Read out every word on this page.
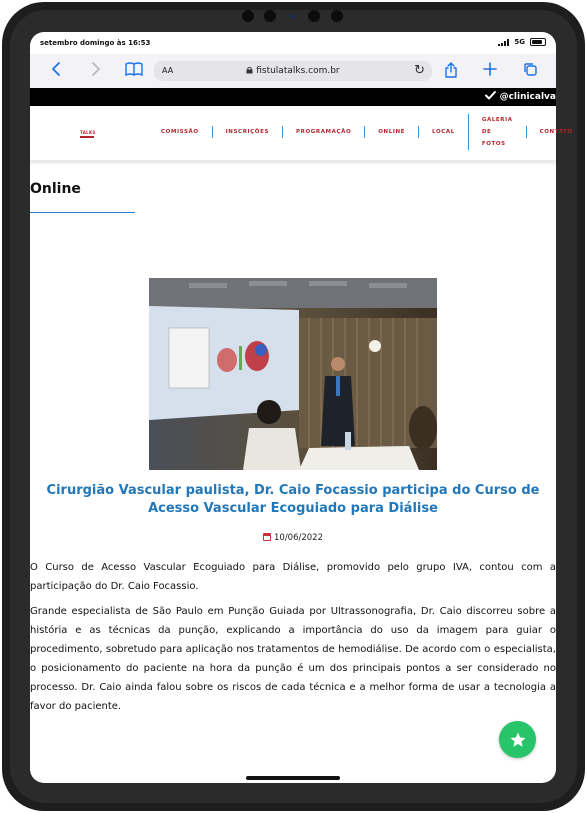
setembro domingo às 16:53	5G
AA	fistulatalks.com.br	↻
@clinicalva
TALKS	COMISSÃO	INSCRIÇÕES	PROGRAMAÇÃO	ONLINE	LOCAL
GALERIA DE FOTOS
CONTATO
Online
Cirurgião Vascular paulista, Dr. Caio Focassio participa do Curso de Acesso Vascular Ecoguiado para Diálise
10/06/2022

O Curso de Acesso Vascular Ecoguiado para Diálise, promovido pelo grupo IVA, contou com a participação do Dr. Caio Focassio.

Grande especialista de São Paulo em Punção Guiada por Ultrassonografia, Dr. Caio discorreu sobre a história e as técnicas da punção, explicando a importância do uso da imagem para guiar o procedimento, sobretudo para aplicação nos tratamentos de hemodiálise. De acordo com o especialista, o posicionamento do paciente na hora da punção é um dos principais pontos a ser considerado no processo. Dr. Caio ainda falou sobre os riscos de cada técnica e a melhor forma de usar a tecnologia a favor do paciente.
